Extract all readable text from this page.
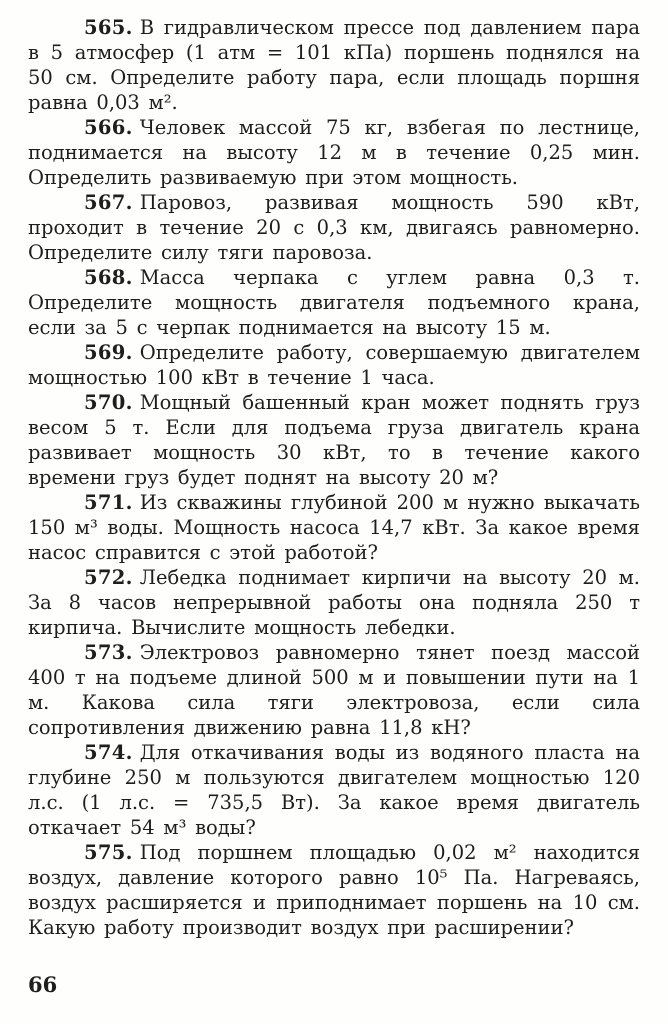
565. В гидравлическом прессе под давлением пара в 5 атмосфер (1 атм = 101 кПа) поршень поднялся на 50 см. Определите работу пара, если площадь поршня равна 0,03 м².

566. Человек массой 75 кг, взбегая по лестнице, поднимается на высоту 12 м в течение 0,25 мин. Определить развиваемую при этом мощность.

567. Паровоз, развивая мощность 590 кВт, проходит в течение 20 с 0,3 км, двигаясь равномерно. Определите силу тяги паровоза.

568. Масса черпака с углем равна 0,3 т. Определите мощность двигателя подъемного крана, если за 5 с черпак поднимается на высоту 15 м.

569. Определите работу, совершаемую двигателем мощностью 100 кВт в течение 1 часа.

570. Мощный башенный кран может поднять груз весом 5 т. Если для подъема груза двигатель крана развивает мощность 30 кВт, то в течение какого времени груз будет поднят на высоту 20 м?

571. Из скважины глубиной 200 м нужно выкачать 150 м³ воды. Мощность насоса 14,7 кВт. За какое время насос справится с этой работой?

572. Лебедка поднимает кирпичи на высоту 20 м. За 8 часов непрерывной работы она подняла 250 т кирпича. Вычислите мощность лебедки.

573. Электровоз равномерно тянет поезд массой 400 т на подъеме длиной 500 м и повышении пути на 1 м. Какова сила тяги электровоза, если сила сопротивления движению равна 11,8 кН?

574. Для откачивания воды из водяного пласта на глубине 250 м пользуются двигателем мощностью 120 л.с. (1 л.с. = 735,5 Вт). За какое время двигатель откачает 54 м³ воды?

575. Под поршнем площадью 0,02 м² находится воздух, давление которого равно 10⁵ Па. Нагреваясь, воздух расширяется и приподнимает поршень на 10 см. Какую работу производит воздух при расширении?

66
